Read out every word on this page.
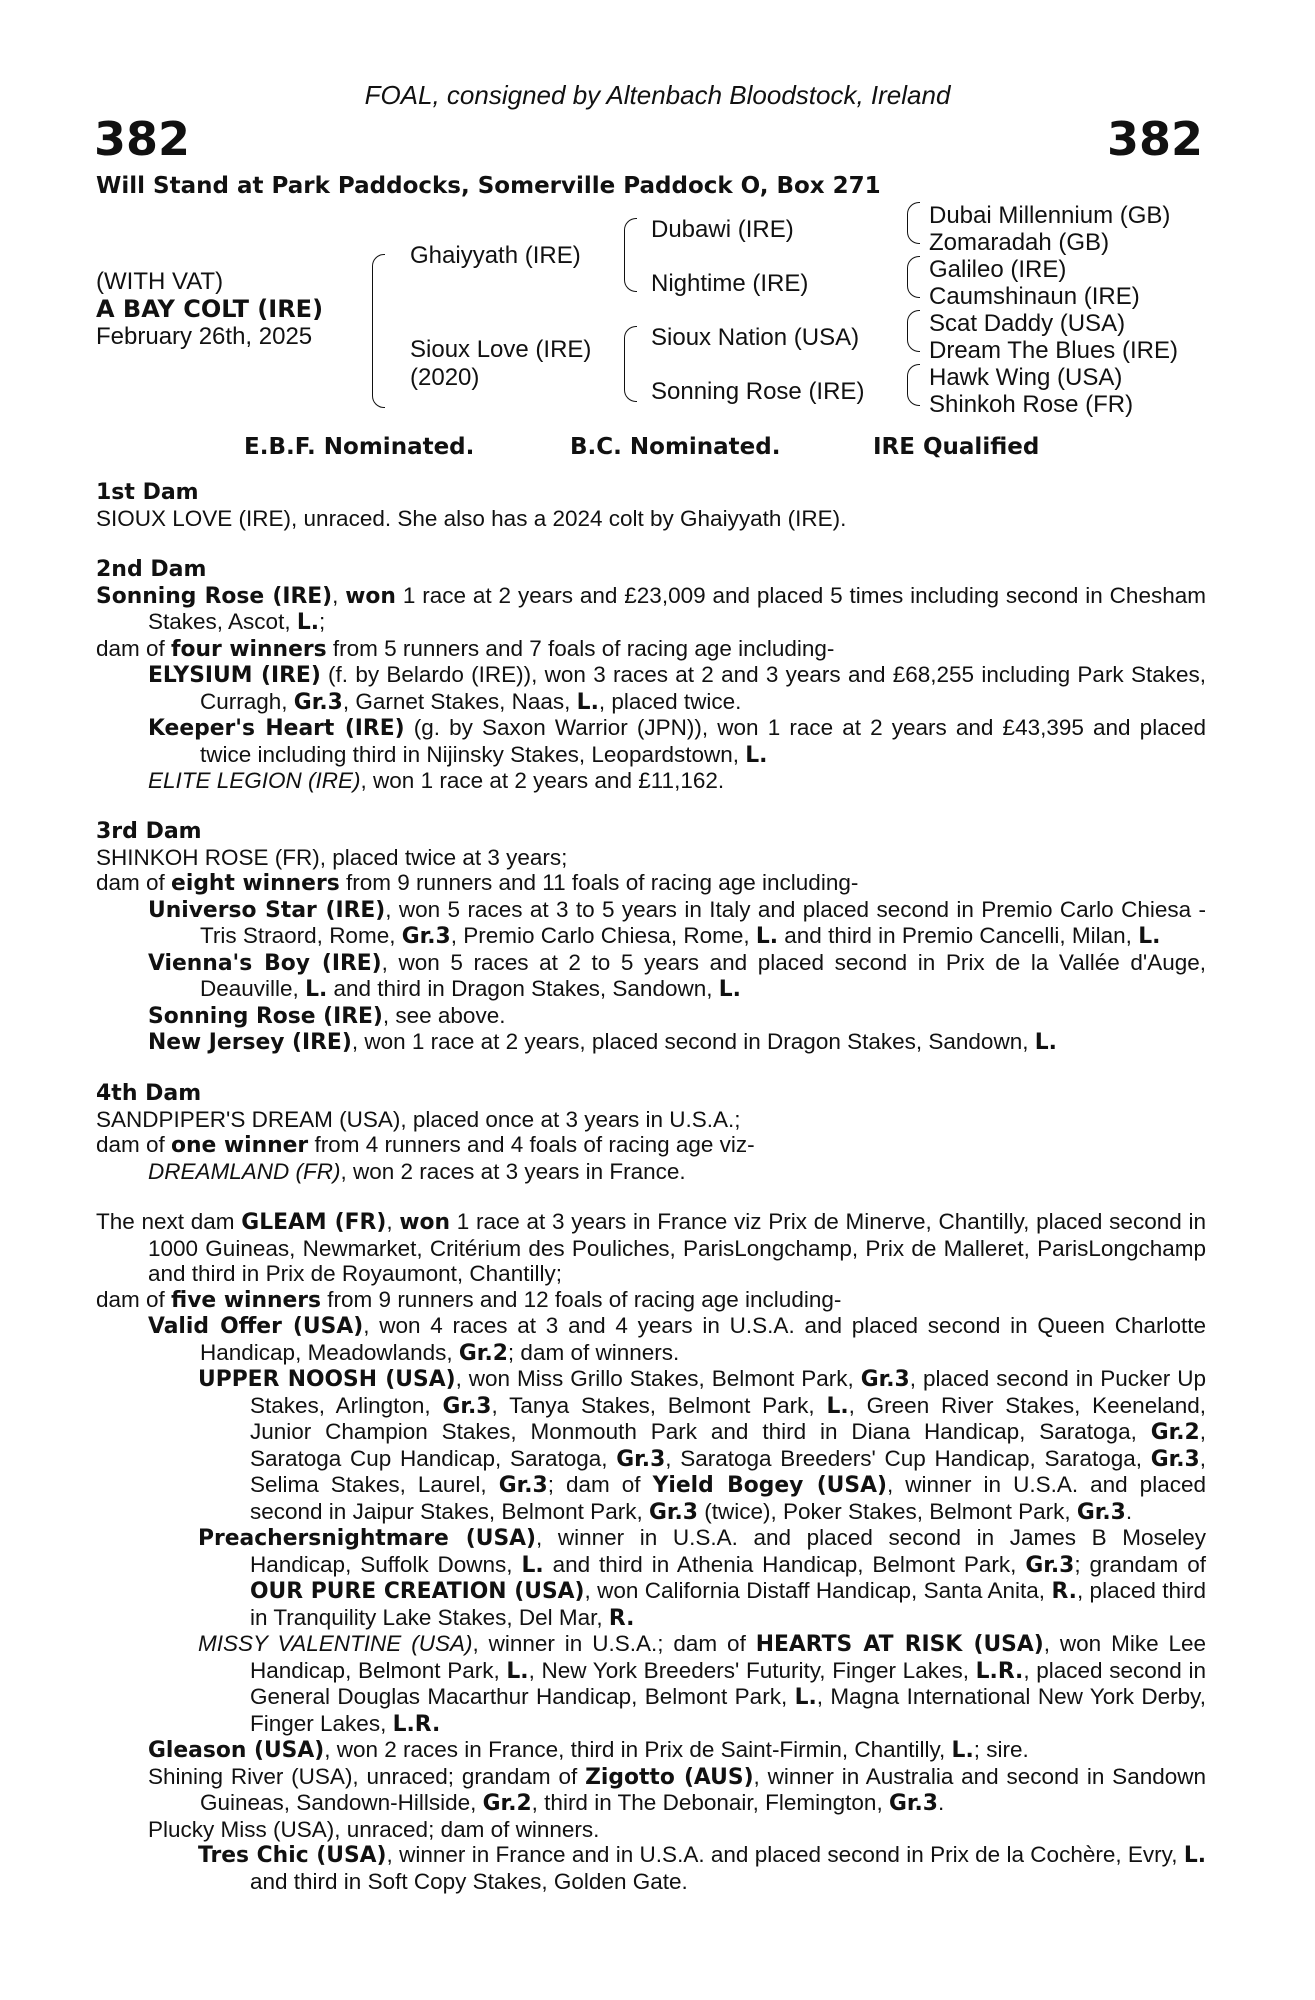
FOAL, consigned by Altenbach Bloodstock, Ireland
382	382
Will Stand at Park Paddocks, Somerville Paddock O, Box 271
(WITH VAT)
A BAY COLT (IRE)
February 26th, 2025
Ghaiyyath (IRE)
Sioux Love (IRE)
(2020)
Dubawi (IRE)
Nightime (IRE)
Sioux Nation (USA)
Sonning Rose (IRE)
Dubai Millennium (GB)
Zomaradah (GB)
Galileo (IRE)
Caumshinaun (IRE)
Scat Daddy (USA)
Dream The Blues (IRE)
Hawk Wing (USA)
Shinkoh Rose (FR)
E.B.F. Nominated.	B.C. Nominated.	IRE Qualified
1st Dam
SIOUX LOVE (IRE), unraced. She also has a 2024 colt by Ghaiyyath (IRE).
2nd Dam
Sonning Rose (IRE), won 1 race at 2 years and £23,009 and placed 5 times including second in Chesham Stakes, Ascot, L.;
dam of four winners from 5 runners and 7 foals of racing age including-
ELYSIUM (IRE) (f. by Belardo (IRE)), won 3 races at 2 and 3 years and £68,255 including Park Stakes, Curragh, Gr.3, Garnet Stakes, Naas, L., placed twice.
Keeper's Heart (IRE) (g. by Saxon Warrior (JPN)), won 1 race at 2 years and £43,395 and placed twice including third in Nijinsky Stakes, Leopardstown, L.
ELITE LEGION (IRE), won 1 race at 2 years and £11,162.
3rd Dam
SHINKOH ROSE (FR), placed twice at 3 years;
dam of eight winners from 9 runners and 11 foals of racing age including-
Universo Star (IRE), won 5 races at 3 to 5 years in Italy and placed second in Premio Carlo Chiesa - Tris Straord, Rome, Gr.3, Premio Carlo Chiesa, Rome, L. and third in Premio Cancelli, Milan, L.
Vienna's Boy (IRE), won 5 races at 2 to 5 years and placed second in Prix de la Vallée d'Auge, Deauville, L. and third in Dragon Stakes, Sandown, L.
Sonning Rose (IRE), see above.
New Jersey (IRE), won 1 race at 2 years, placed second in Dragon Stakes, Sandown, L.
4th Dam
SANDPIPER'S DREAM (USA), placed once at 3 years in U.S.A.;
dam of one winner from 4 runners and 4 foals of racing age viz-
DREAMLAND (FR), won 2 races at 3 years in France.
The next dam GLEAM (FR), won 1 race at 3 years in France viz Prix de Minerve, Chantilly, placed second in 1000 Guineas, Newmarket, Critérium des Pouliches, ParisLongchamp, Prix de Malleret, ParisLongchamp and third in Prix de Royaumont, Chantilly;
dam of five winners from 9 runners and 12 foals of racing age including-
Valid Offer (USA), won 4 races at 3 and 4 years in U.S.A. and placed second in Queen Charlotte Handicap, Meadowlands, Gr.2; dam of winners.
UPPER NOOSH (USA), won Miss Grillo Stakes, Belmont Park, Gr.3, placed second in Pucker Up Stakes, Arlington, Gr.3, Tanya Stakes, Belmont Park, L., Green River Stakes, Keeneland, Junior Champion Stakes, Monmouth Park and third in Diana Handicap, Saratoga, Gr.2, Saratoga Cup Handicap, Saratoga, Gr.3, Saratoga Breeders' Cup Handicap, Saratoga, Gr.3, Selima Stakes, Laurel, Gr.3; dam of Yield Bogey (USA), winner in U.S.A. and placed second in Jaipur Stakes, Belmont Park, Gr.3 (twice), Poker Stakes, Belmont Park, Gr.3.
Preachersnightmare (USA), winner in U.S.A. and placed second in James B Moseley Handicap, Suffolk Downs, L. and third in Athenia Handicap, Belmont Park, Gr.3; grandam of OUR PURE CREATION (USA), won California Distaff Handicap, Santa Anita, R., placed third in Tranquility Lake Stakes, Del Mar, R.
MISSY VALENTINE (USA), winner in U.S.A.; dam of HEARTS AT RISK (USA), won Mike Lee Handicap, Belmont Park, L., New York Breeders' Futurity, Finger Lakes, L.R., placed second in General Douglas Macarthur Handicap, Belmont Park, L., Magna International New York Derby, Finger Lakes, L.R.
Gleason (USA), won 2 races in France, third in Prix de Saint-Firmin, Chantilly, L.; sire.
Shining River (USA), unraced; grandam of Zigotto (AUS), winner in Australia and second in Sandown Guineas, Sandown-Hillside, Gr.2, third in The Debonair, Flemington, Gr.3.
Plucky Miss (USA), unraced; dam of winners.
Tres Chic (USA), winner in France and in U.S.A. and placed second in Prix de la Cochère, Evry, L. and third in Soft Copy Stakes, Golden Gate.
